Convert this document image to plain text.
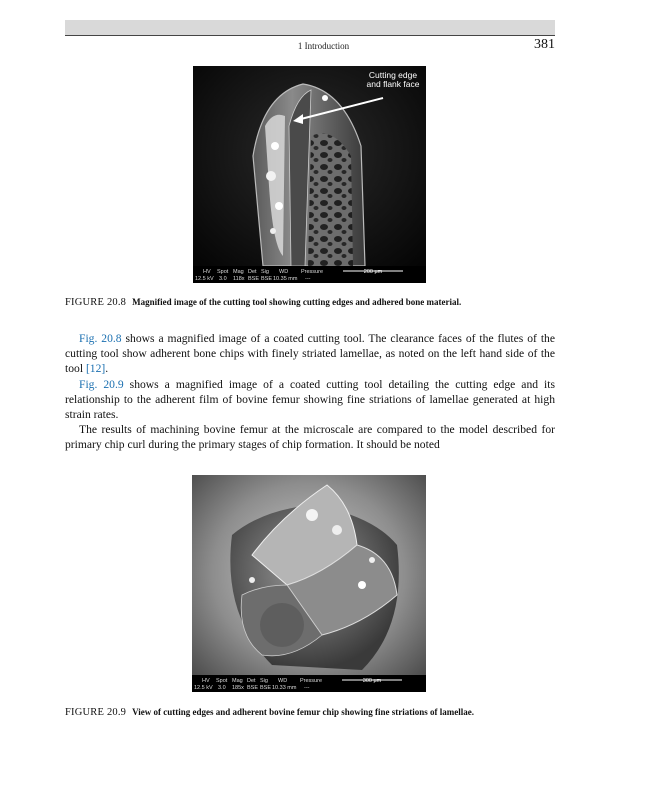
1 Introduction	381
Cutting edge
and flank face
HV
12.5 kV
Spot
3.0
Mag
118x
Det
BSE
Sig
BSE
WD
10.35 mm
Pressure
---
200 μm
FIGURE 20.8 Magnified image of the cutting tool showing cutting edges and adhered bone material.

Fig. 20.8 shows a magnified image of a coated cutting tool. The clearance faces of the flutes of the cutting tool show adherent bone chips with finely striated lamellae, as noted on the left hand side of the tool [12].

Fig. 20.9 shows a magnified image of a coated cutting tool detailing the cutting edge and its relationship to the adherent film of bovine femur showing fine striations of lamellae generated at high strain rates.

The results of machining bovine femur at the microscale are compared to the model described for primary chip curl during the primary stages of chip formation. It should be noted

HV
12.5 kV
Spot
3.0
Mag
185x
Det
BSE
Sig
BSE
WD
10.33 mm
Pressure
---
300 μm
FIGURE 20.9 View of cutting edges and adherent bovine femur chip showing fine striations of lamellae.
